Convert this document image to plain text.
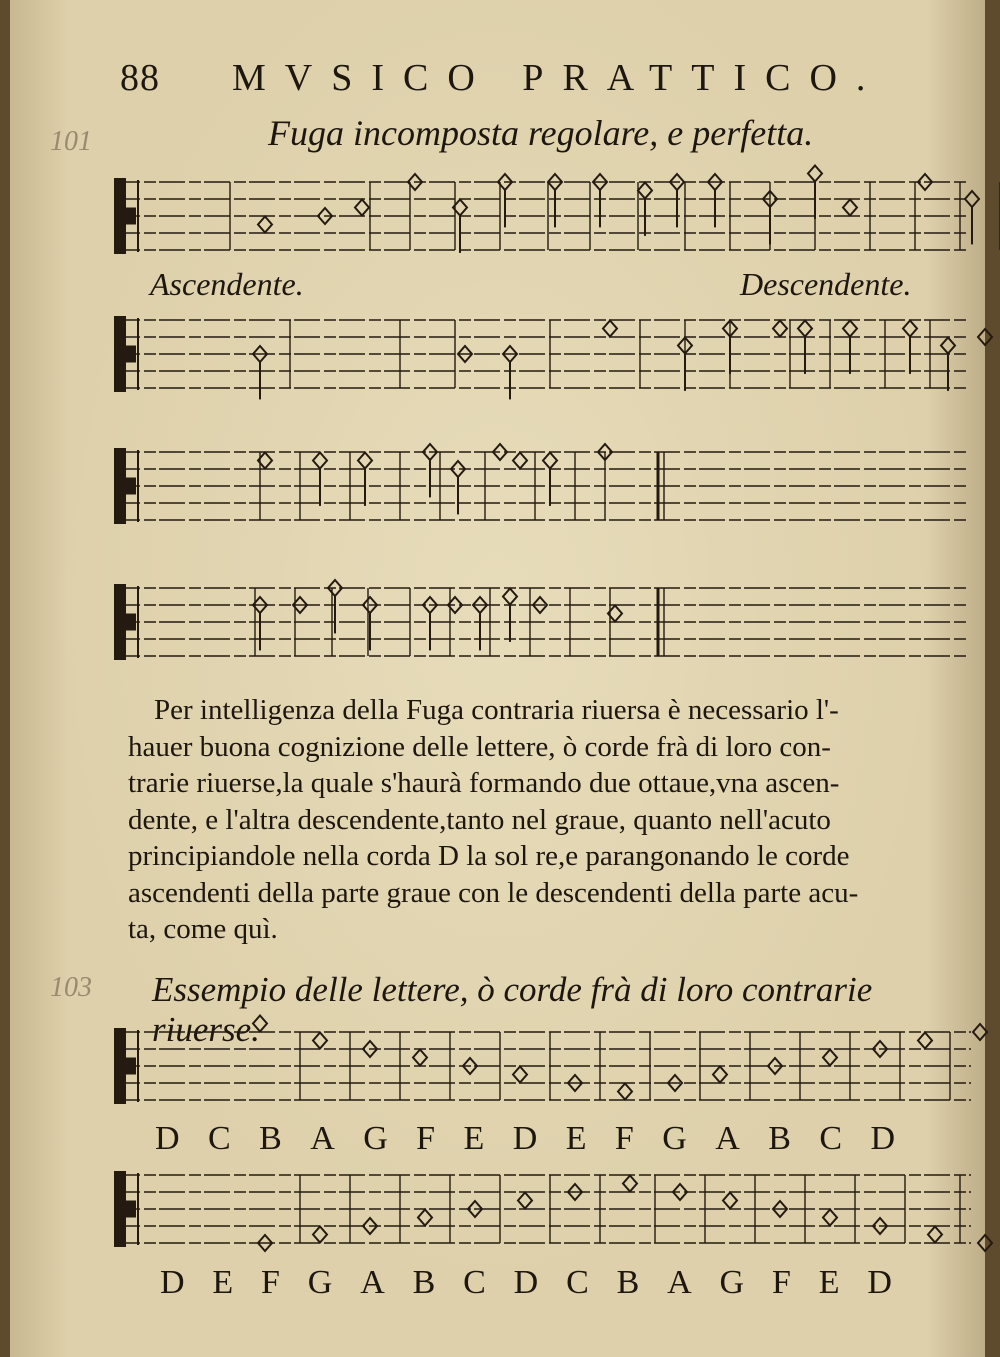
88 MVSICO PRATTICO.
101
103
Fuga incomposta regolare, e perfetta.
Ascendente.	Descendente.

Per intelligenza della Fuga contraria riuersa è necessario l'-

hauer buona cognizione delle lettere, ò corde frà di loro con-

trarie riuerse,la quale s'haurà formando due ottaue,vna ascen-

dente, e l'altra descendente,tanto nel graue, quanto nell'acuto

principiandole nella corda D la sol re,e parangonando le corde

ascendenti della parte graue con le descendenti della parte acu-

ta, come quì.

Essempio delle lettere, ò corde frà di loro contrarie riuerse.
D C B A G F E D E F G A B C D
D E F G A B C D C B A G F E D
